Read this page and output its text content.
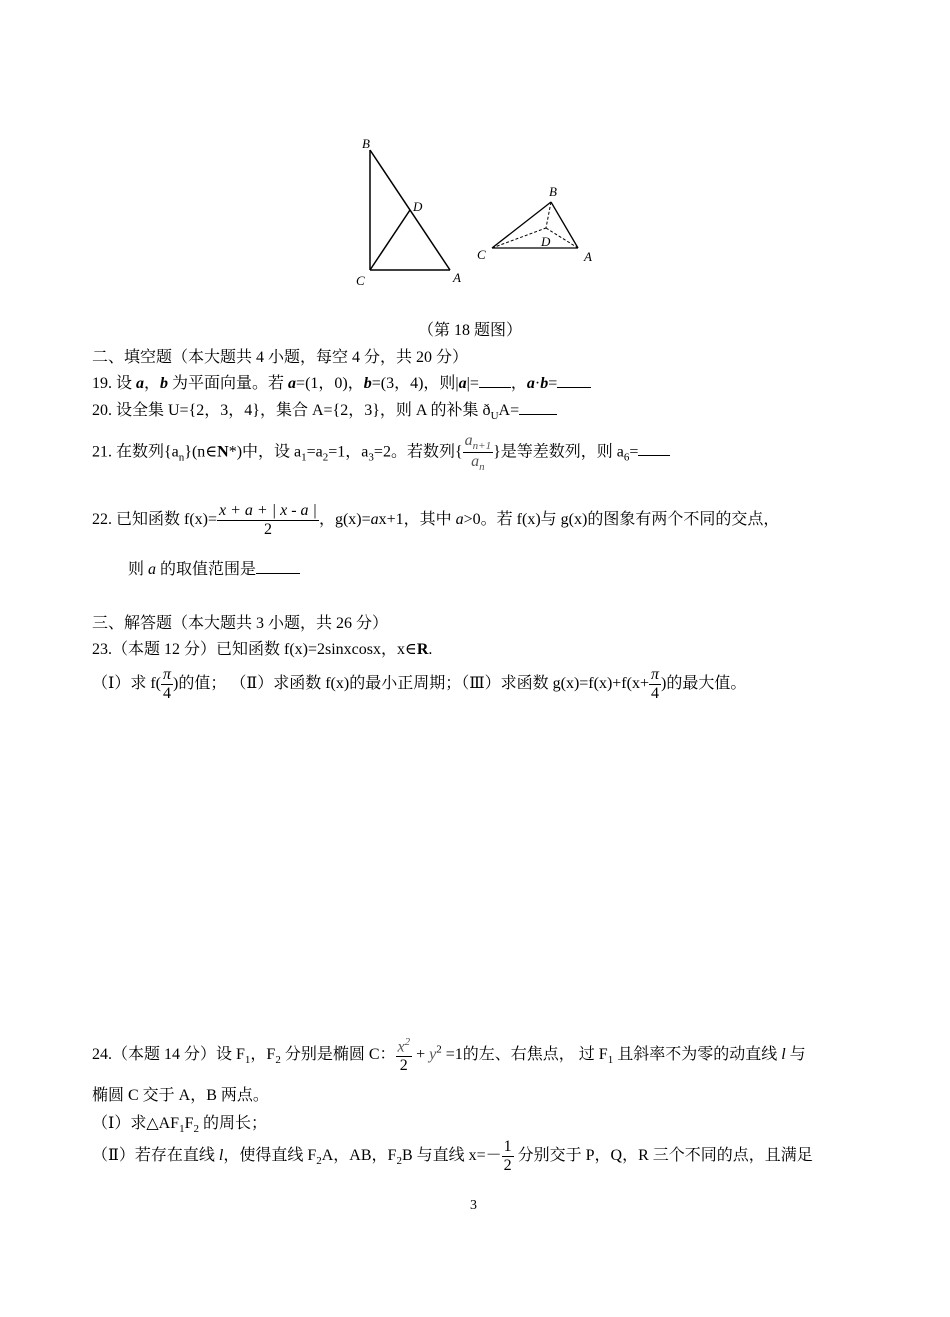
B
D
C	A
B
D
C	A
（第 18 题图）
二、填空题（本大题共 4 小题，每空 4 分，共 20 分）
19. 设 a，b 为平面向量。若 a=(1，0)，b=(3，4)，则|a|= ，a·b=
20. 设全集 U={2，3，4}，集合 A={2，3}，则 A 的补集 $ð_UA=$
21. 在数列$\{a_n\}(n\in N*)$中，设 $a_1=a_2=1$，$a_3=2$。若数列{ $\frac{a_{n+1}}{a_n}$ }是等差数列，则 $a_6=$
22. 已知函数 $f(x)= \frac{x + a + | x - a |}{2}$ ，g(x)=ax+1，其中 a>0。若 f(x)与 g(x)的图象有两个不同的交点，
则 a 的取值范围是
三、解答题（本大题共 3 小题，共 26 分）
23.（本题 12 分）已知函数 f(x)=2sinxcosx，x∈R.
（Ⅰ）求 $f( \frac{\pi}{4}$ )的值； （Ⅱ）求函数 f(x)的最小正周期；（Ⅲ）求函数 $g(x)=f(x)+f(x+ \frac{\pi}{4}$ )的最大值。
24.（本题 14 分）设 $F_1$，$F_2$ 分别是椭圆 C： $\frac{x^2}{2} + y^2 =1$的左、右焦点， 过 $F_1$ 且斜率不为零的动直线 l 与
椭圆 C 交于 A，B 两点。
（Ⅰ）求$\triangle AF_1F_2$ 的周长；
（Ⅱ）若存在直线 l，使得直线 $F_2A$，AB，$F_2B$ 与直线 $x=- \frac{1}{2}$ 分别交于 P，Q，R 三个不同的点，且满足
3
